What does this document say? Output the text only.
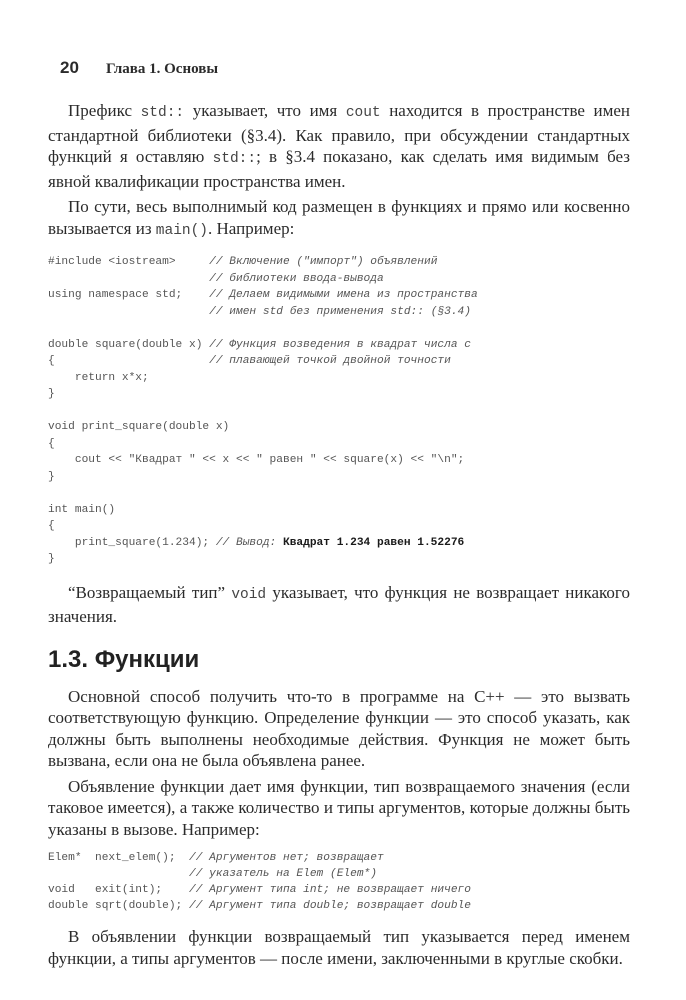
20	Глава 1. Основы

Префикс std:: указывает, что имя cout находится в пространстве имен стандартной библиотеки (§3.4). Как правило, при обсуждении стандартных функций я оставляю std::; в §3.4 показано, как сделать имя видимым без явной квалификации пространства имен.

По сути, весь выполнимый код размещен в функциях и прямо или косвенно вызывается из main(). Например:

#include <iostream>     // Включение ("импорт") объявлений
// библиотеки ввода-вывода
using namespace std;    // Делаем видимыми имена из пространства
// имен std без применения std:: (§3.4)
double square(double x) // Функция возведения в квадрат числа с
{                       // плавающей точкой двойной точности
return x*x;
}
void print_square(double x)
{
cout << "Квадрат " << x << " равен " << square(x) << "\n";
}
int main()
{
print_square(1.234); // Вывод: Квадрат 1.234 равен 1.52276
}

“Возвращаемый тип” void указывает, что функция не возвращает никакого значения.

1.3. Функции

Основной способ получить что-то в программе на C++ — это вызвать соответствующую функцию. Определение функции — это способ указать, как должны быть выполнены необходимые действия. Функция не может быть вызвана, если она не была объявлена ранее.

Объявление функции дает имя функции, тип возвращаемого значения (если таковое имеется), а также количество и типы аргументов, которые должны быть указаны в вызове. Например:

Elem*  next_elem();  // Аргументов нет; возвращает
// указатель на Elem (Elem*)
void   exit(int);    // Аргумент типа int; не возвращает ничего
double sqrt(double); // Аргумент типа double; возвращает double

В объявлении функции возвращаемый тип указывается перед именем функции, а типы аргументов — после имени, заключенными в круглые скобки.
